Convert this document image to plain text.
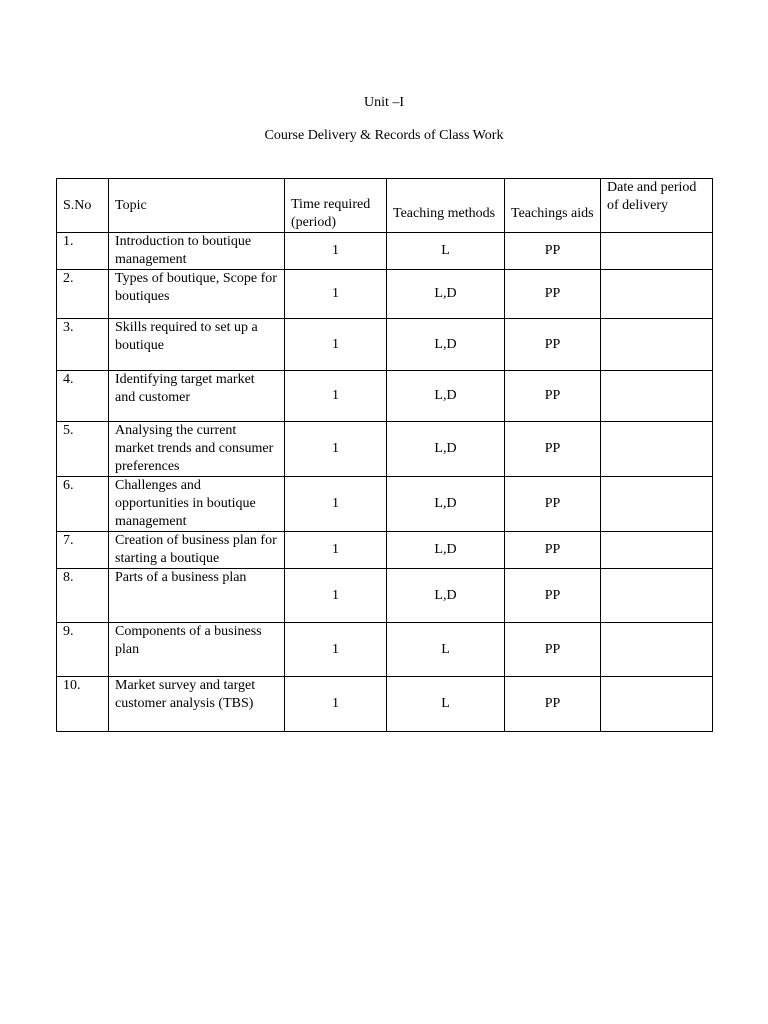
Unit –I
Course Delivery & Records of Class Work
S.No	Topic	Time required (period)	Teaching methods	Teachings aids	Date and period of delivery
1.	Introduction to boutique management	1	L	PP	
2.	Types of boutique, Scope for boutiques	1	L,D	PP	
3.	Skills required to set up a boutique	1	L,D	PP	
4.	Identifying target market and customer	1	L,D	PP	
5.	Analysing the current market trends and consumer preferences	1	L,D	PP	
6.	Challenges and opportunities in boutique management	1	L,D	PP	
7.	Creation of business plan for starting a boutique	1	L,D	PP	
8.	Parts of a business plan	1	L,D	PP	
9.	Components of a business plan	1	L	PP	
10.	Market survey and target customer analysis (TBS)	1	L	PP	
